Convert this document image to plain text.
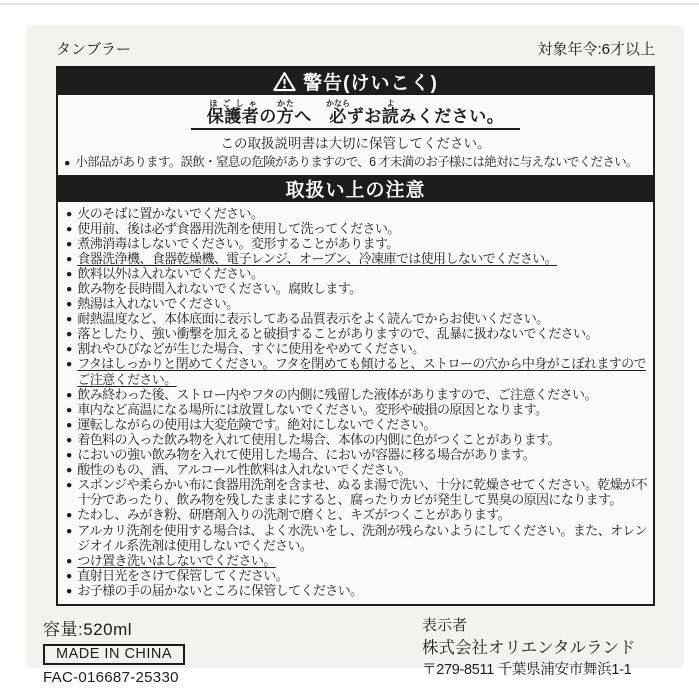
タンブラー	対象年令:6才以上
警告(けいこく)
保護者ほごしゃの方かたへ　必かならずお読よみください。
この取扱説明書は大切に保管してください。
● 小部品があります。誤飲・窒息の危険がありますので、6 才未満のお子様には絶対に与えないでください。
取扱い上の注意
● 火のそばに置かないでください。
● 使用前、後は必ず食器用洗剤を使用して洗ってください。
● 煮沸消毒はしないでください。変形することがあります。
● 食器洗浄機、食器乾燥機、電子レンジ、オーブン、冷凍庫では使用しないでください。
● 飲料以外は入れないでください。
● 飲み物を長時間入れないでください。腐敗します。
● 熱湯は入れないでください。
● 耐熱温度など、本体底面に表示してある品質表示をよく読んでからお使いください。
● 落としたり、強い衝撃を加えると破損することがありますので、乱暴に扱わないでください。
● 割れやひびなどが生じた場合、すぐに使用をやめてください。
● フタはしっかりと閉めてください。フタを閉めても傾けると、ストローの穴から中身がこぼれますのでご注意ください。
● 飲み終わった後、ストロー内やフタの内側に残留した液体がありますので、ご注意ください。
● 車内など高温になる場所には放置しないでください。変形や破損の原因となります。
● 運転しながらの使用は大変危険です。絶対にしないでください。
● 着色料の入った飲み物を入れて使用した場合、本体の内側に色がつくことがあります。
● においの強い飲み物を入れて使用した場合、においが容器に移る場合があります。
● 酸性のもの、酒、アルコール性飲料は入れないでください。
● スポンジや柔らかい布に食器用洗剤を含ませ、ぬるま湯で洗い、十分に乾燥させてください。乾燥が不十分であったり、飲み物を残したままにすると、腐ったりカビが発生して異臭の原因になります。
● たわし、みがき粉、研磨剤入りの洗剤で磨くと、キズがつくことがあります。
● アルカリ洗剤を使用する場合は、よく水洗いをし、洗剤が残らないようにしてください。また、オレンジオイル系洗剤は使用しないでください。
● つけ置き洗いはしないでください。
● 直射日光をさけて保管してください。
● お子様の手の届かないところに保管してください。
容量:520ml
MADE IN CHINA
FAC-016687-25330
表示者
株式会社オリエンタルランド
〒279-8511 千葉県浦安市舞浜1-1
